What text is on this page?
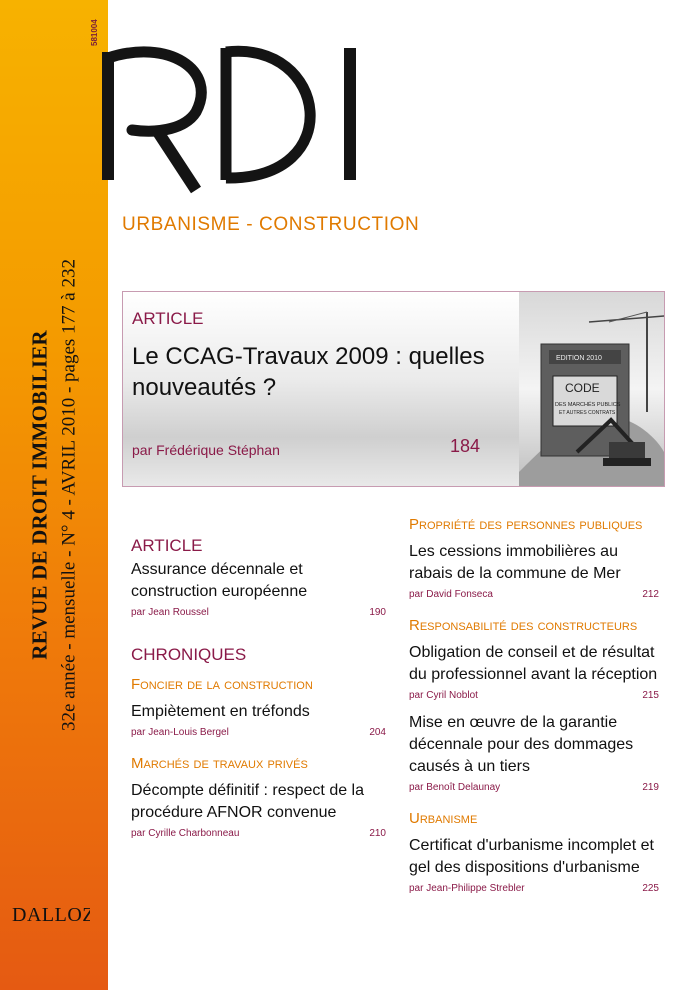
REVUE DE DROIT IMMOBILIER 32e année - mensuelle - N° 4 - AVRIL 2010 - pages 177 à 232
581004
DALLOZ
URBANISME - CONSTRUCTION
ARTICLE
Le CCAG-Travaux 2009 : quelles nouveautés ?
par Frédérique Stéphan	184
EDITION 2010
CODE
DES MARCHÉS PUBLICS
ET AUTRES CONTRATS
ARTICLE
Assurance décennale et construction européenne
par Jean Roussel	190
CHRONIQUES
Foncier de la construction
Empiètement en tréfonds
par Jean-Louis Bergel	204
Marchés de travaux privés
Décompte définitif : respect de la procédure AFNOR convenue
par Cyrille Charbonneau	210
Propriété des personnes publiques
Les cessions immobilières au rabais de la commune de Mer
par David Fonseca	212
Responsabilité des constructeurs
Obligation de conseil et de résultat du professionnel avant la réception
par Cyril Noblot	215
Mise en œuvre de la garantie décennale pour des dommages causés à un tiers
par Benoît Delaunay	219
Urbanisme
Certificat d'urbanisme incomplet et gel des dispositions d'urbanisme
par Jean-Philippe Strebler	225
